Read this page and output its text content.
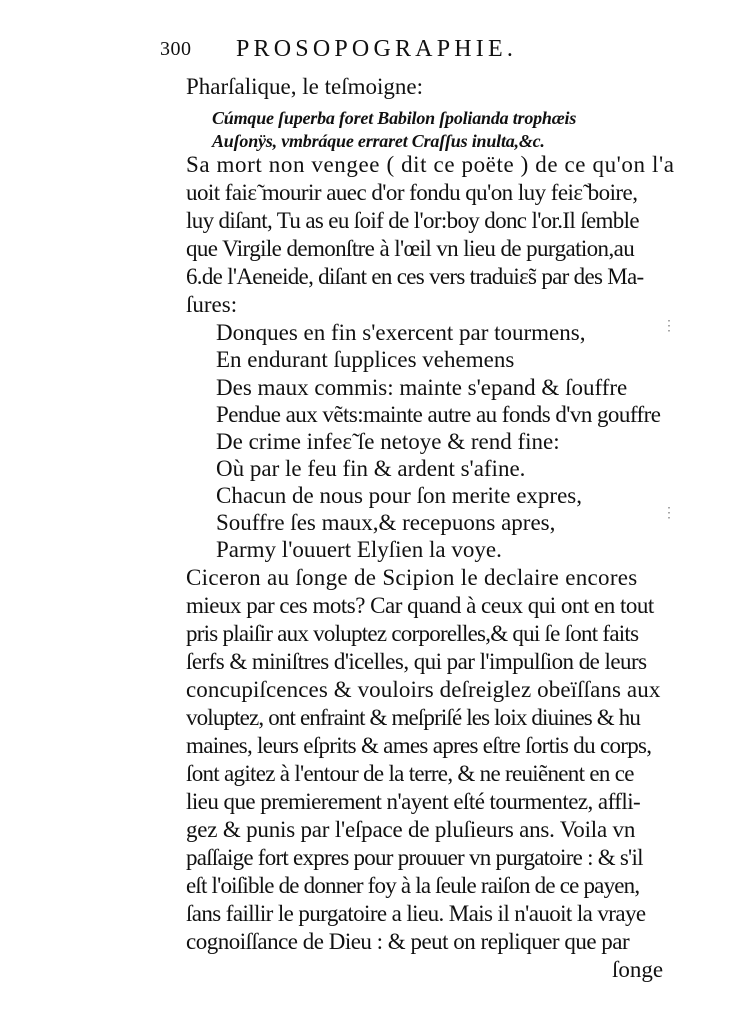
300 PROSOPOGRAPHIE.
Pharſalique, le teſmoigne:
Cúmque ſuperba foret Babilon ſpolianda trophæis
Auſonÿs, vmbráque erraret Craſſus inulta,&c.
Sa mort non vengee ( dit ce poëte ) de ce qu'on l'a
uoit faiɛ̃ mourir auec d'or fondu qu'on luy feiɛ̃ boire,
luy diſant, Tu as eu ſoif de l'or:boy donc l'or.Il ſemble
que Virgile demonſtre à l'œil vn lieu de purgation,au
6.de l'Aeneide, diſant en ces vers traduiɛ̃s par des Ma-
ſures:
Donques en fin s'exercent par tourmens,
En endurant ſupplices vehemens
Des maux commis: mainte s'epand & ſouffre
Pendue aux vẽts:mainte autre au fonds d'vn gouffre
De crime infeɛ̃ ſe netoye & rend fine:
Où par le feu fin & ardent s'afine.
Chacun de nous pour ſon merite expres,
Souffre ſes maux,& recepuons apres,
Parmy l'ouuert Elyſien la voye.
Ciceron au ſonge de Scipion le declaire encores
mieux par ces mots? Car quand à ceux qui ont en tout
pris plaiſir aux voluptez corporelles,& qui ſe ſont faits
ſerfs & miniſtres d'icelles, qui par l'impulſion de leurs
concupiſcences & vouloirs deſreiglez obeïſſans aux
voluptez, ont enfraint & meſpriſé les loix diuines & hu
maines, leurs eſprits & ames apres eſtre ſortis du corps,
ſont agitez à l'entour de la terre, & ne reuiẽnent en ce
lieu que premierement n'ayent eſté tourmentez, affli-
gez & punis par l'eſpace de pluſieurs ans. Voila vn
paſſaige fort expres pour prouuer vn purgatoire : & s'il
eſt l'oiſible de donner foy à la ſeule raiſon de ce payen,
ſans faillir le purgatoire a lieu. Mais il n'auoit la vraye
cognoiſſance de Dieu : & peut on repliquer que par
ſonge
⋮
⋮
